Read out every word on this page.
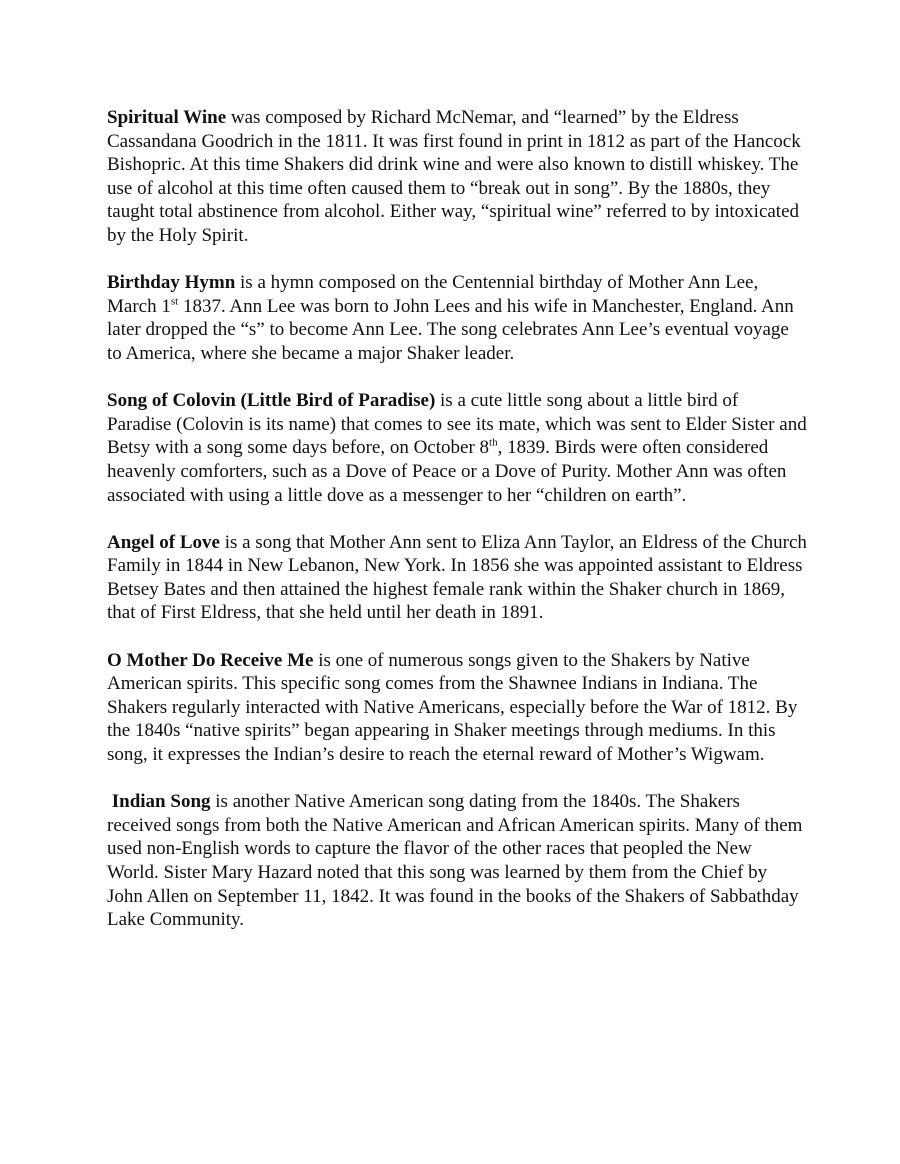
Spiritual Wine was composed by Richard McNemar, and “learned” by the Eldress Cassandana Goodrich in the 1811. It was first found in print in 1812 as part of the Hancock Bishopric. At this time Shakers did drink wine and were also known to distill whiskey. The use of alcohol at this time often caused them to “break out in song”. By the 1880s, they taught total abstinence from alcohol. Either way, “spiritual wine” referred to by intoxicated by the Holy Spirit.

Birthday Hymn is a hymn composed on the Centennial birthday of Mother Ann Lee, March 1st 1837. Ann Lee was born to John Lees and his wife in Manchester, England. Ann later dropped the “s” to become Ann Lee. The song celebrates Ann Lee’s eventual voyage to America, where she became a major Shaker leader.

Song of Colovin (Little Bird of Paradise) is a cute little song about a little bird of Paradise (Colovin is its name) that comes to see its mate, which was sent to Elder Sister and Betsy with a song some days before, on October 8th, 1839. Birds were often considered heavenly comforters, such as a Dove of Peace or a Dove of Purity. Mother Ann was often associated with using a little dove as a messenger to her “children on earth”.

Angel of Love is a song that Mother Ann sent to Eliza Ann Taylor, an Eldress of the Church Family in 1844 in New Lebanon, New York. In 1856 she was appointed assistant to Eldress Betsey Bates and then attained the highest female rank within the Shaker church in 1869, that of First Eldress, that she held until her death in 1891.

O Mother Do Receive Me is one of numerous songs given to the Shakers by Native American spirits. This specific song comes from the Shawnee Indians in Indiana. The Shakers regularly interacted with Native Americans, especially before the War of 1812. By the 1840s “native spirits” began appearing in Shaker meetings through mediums. In this song, it expresses the Indian’s desire to reach the eternal reward of Mother’s Wigwam.

Indian Song is another Native American song dating from the 1840s. The Shakers received songs from both the Native American and African American spirits. Many of them used non-English words to capture the flavor of the other races that peopled the New World. Sister Mary Hazard noted that this song was learned by them from the Chief by John Allen on September 11, 1842. It was found in the books of the Shakers of Sabbathday Lake Community.
